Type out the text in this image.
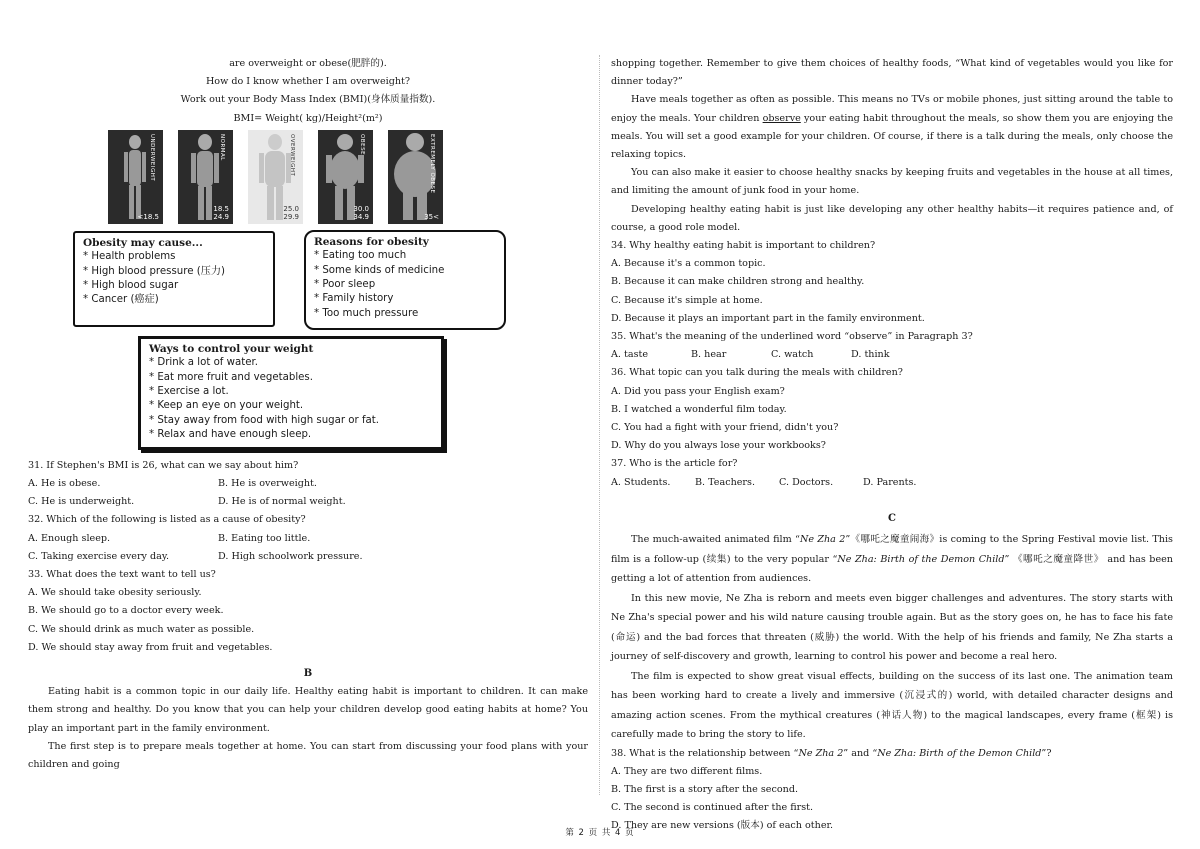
are overweight or obese(肥胖的).

How do I know whether I am overweight?

Work out your Body Mass Index (BMI)(身体质量指数).

BMI= Weight( kg)/Height²(m²)

UNDERWEIGHT
<18.5
NORMAL
18.5
24.9
OVERWEIGHT
25.0
29.9
OBESE
30.0
34.9
EXTREMELY OBESE
35<
Obesity may cause...
* Health problems
* High blood pressure (压力)
* High blood sugar
* Cancer (癌症)
Reasons for obesity
* Eating too much
* Some kinds of medicine
* Poor sleep
* Family history
* Too much pressure
Ways to control your weight
* Drink a lot of water.
* Eat more fruit and vegetables.
* Exercise a lot.
* Keep an eye on your weight.
* Stay away from food with high sugar or fat.
* Relax and have enough sleep.

31. If Stephen's BMI is 26, what can we say about him?

A. He is obese.	B. He is overweight.
C. He is underweight.	D. He is of normal weight.

32. Which of the following is listed as a cause of obesity?

A. Enough sleep.	B. Eating too little.
C. Taking exercise every day.	D. High schoolwork pressure.

33. What does the text want to tell us?

A. We should take obesity seriously.

B. We should go to a doctor every week.

C. We should drink as much water as possible.

D. We should stay away from fruit and vegetables.

B

Eating habit is a common topic in our daily life. Healthy eating habit is important to children. It can make them strong and healthy. Do you know that you can help your children develop good eating habits at home? You play an important part in the family environment.

The first step is to prepare meals together at home. You can start from discussing your food plans with your children and going

shopping together. Remember to give them choices of healthy foods, “What kind of vegetables would you like for dinner today?”

Have meals together as often as possible. This means no TVs or mobile phones, just sitting around the table to enjoy the meals. Your children observe your eating habit throughout the meals, so show them you are enjoying the meals. You will set a good example for your children. Of course, if there is a talk during the meals, only choose the relaxing topics.

You can also make it easier to choose healthy snacks by keeping fruits and vegetables in the house at all times, and limiting the amount of junk food in your home.

Developing healthy eating habit is just like developing any other healthy habits—it requires patience and, of course, a good role model.

34. Why healthy eating habit is important to children?

A. Because it's a common topic.

B. Because it can make children strong and healthy.

C. Because it's simple at home.

D. Because it plays an important part in the family environment.

35. What's the meaning of the underlined word “observe” in Paragraph 3?

A. taste	B. hear	C. watch	D. think

36. What topic can you talk during the meals with children?

A. Did you pass your English exam?

B. I watched a wonderful film today.

C. You had a fight with your friend, didn't you?

D. Why do you always lose your workbooks?

37. Who is the article for?

A. Students.	B. Teachers.	C. Doctors.	D. Parents.

C

The much-awaited animated film “Ne Zha 2”《哪吒之魔童闹海》is coming to the Spring Festival movie list. This film is a follow-up (续集) to the very popular “Ne Zha: Birth of the Demon Child” 《哪吒之魔童降世》 and has been getting a lot of attention from audiences.

In this new movie, Ne Zha is reborn and meets even bigger challenges and adventures. The story starts with Ne Zha's special power and his wild nature causing trouble again. But as the story goes on, he has to face his fate (命运) and the bad forces that threaten (威胁) the world. With the help of his friends and family, Ne Zha starts a journey of self-discovery and growth, learning to control his power and become a real hero.

The film is expected to show great visual effects, building on the success of its last one. The animation team has been working hard to create a lively and immersive (沉浸式的) world, with detailed character designs and amazing action scenes. From the mythical creatures (神话人物) to the magical landscapes, every frame (框架) is carefully made to bring the story to life.

38. What is the relationship between “Ne Zha 2” and “Ne Zha: Birth of the Demon Child”?

A. They are two different films.

B. The first is a story after the second.

C. The second is continued after the first.

D. They are new versions (版本) of each other.

第 2 页 共 4 页
